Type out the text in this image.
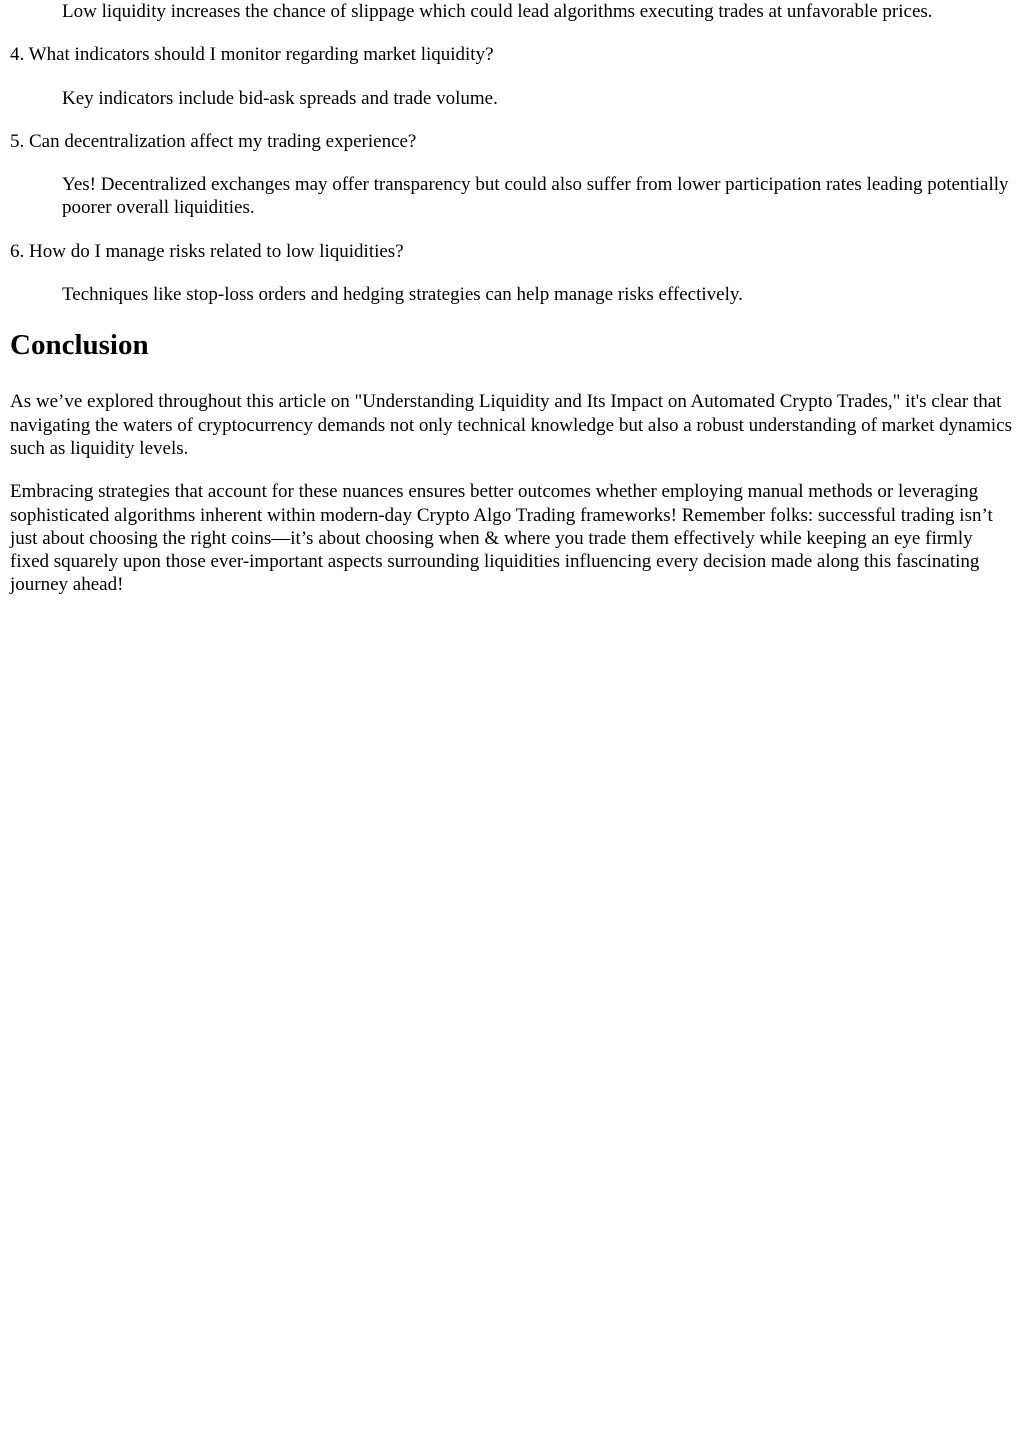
Low liquidity increases the chance of slippage which could lead algorithms executing trades at unfavorable prices.

4. What indicators should I monitor regarding market liquidity?

Key indicators include bid-ask spreads and trade volume.

5. Can decentralization affect my trading experience?

Yes! Decentralized exchanges may offer transparency but could also suffer from lower participation rates leading potentially poorer overall liquidities.

6. How do I manage risks related to low liquidities?

Techniques like stop-loss orders and hedging strategies can help manage risks effectively.

Conclusion

As we’ve explored throughout this article on "Understanding Liquidity and Its Impact on Automated Crypto Trades," it's clear that navigating the waters of cryptocurrency demands not only technical knowledge but also a robust understanding of market dynamics such as liquidity levels.

Embracing strategies that account for these nuances ensures better outcomes whether employing manual methods or leveraging sophisticated algorithms inherent within modern-day Crypto Algo Trading frameworks! Remember folks: successful trading isn’t just about choosing the right coins—it’s about choosing when & where you trade them effectively while keeping an eye firmly fixed squarely upon those ever-important aspects surrounding liquidities influencing every decision made along this fascinating journey ahead!
